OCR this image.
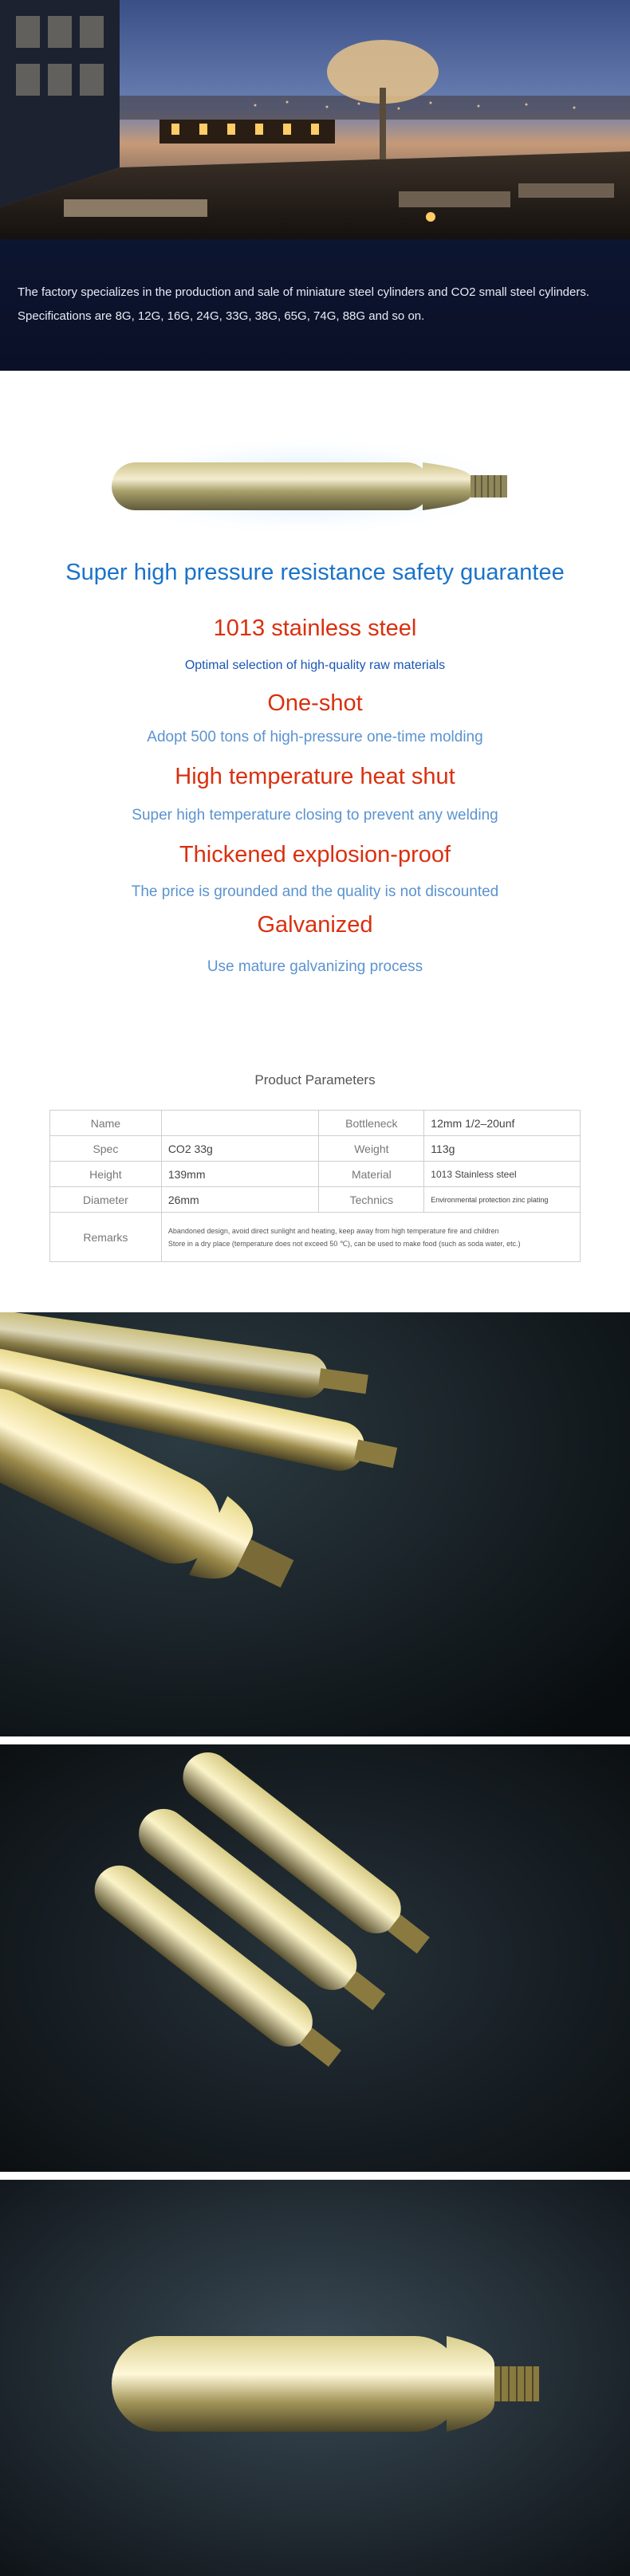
The factory specializes in the production and sale of miniature steel cylinders and CO2 small steel cylinders.
Specifications are 8G, 12G, 16G, 24G, 33G, 38G, 65G, 74G, 88G and so on.
Super high pressure resistance safety guarantee
1013 stainless steel
Optimal selection of high-quality raw materials
One-shot
Adopt 500 tons of high-pressure one-time molding
High temperature heat shut
Super high temperature closing to prevent any welding
Thickened explosion-proof
The price is grounded and the quality is not discounted
Galvanized
Use mature galvanizing process
Product Parameters
Name		Bottleneck	12mm 1/2–20unf
Spec	CO2 33g	Weight	113g
Height	139mm	Material	1013 Stainless steel
Diameter	26mm	Technics	Environmental protection zinc plating
Remarks	Abandoned design, avoid direct sunlight and heating, keep away from high temperature fire and children
Store in a dry place (temperature does not exceed 50 ℃), can be used to make food (such as soda water, etc.)		
